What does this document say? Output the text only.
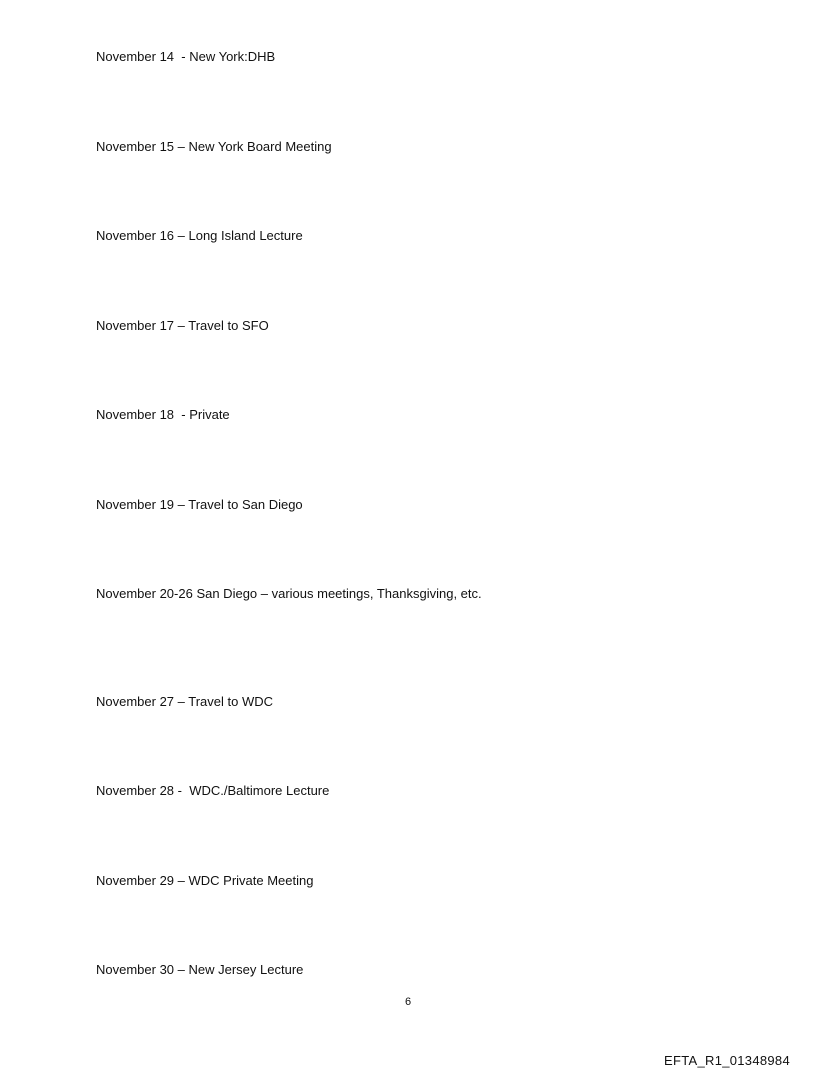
November 14  - New York:DHB
November 15 – New York Board Meeting
November 16 – Long Island Lecture
November 17 – Travel to SFO
November 18  - Private
November 19 – Travel to San Diego
November 20-26 San Diego – various meetings, Thanksgiving, etc.
November 27 – Travel to WDC
November 28 -  WDC./Baltimore Lecture
November 29 – WDC Private Meeting
November 30 – New Jersey Lecture
6
EFTA_R1_01348984
